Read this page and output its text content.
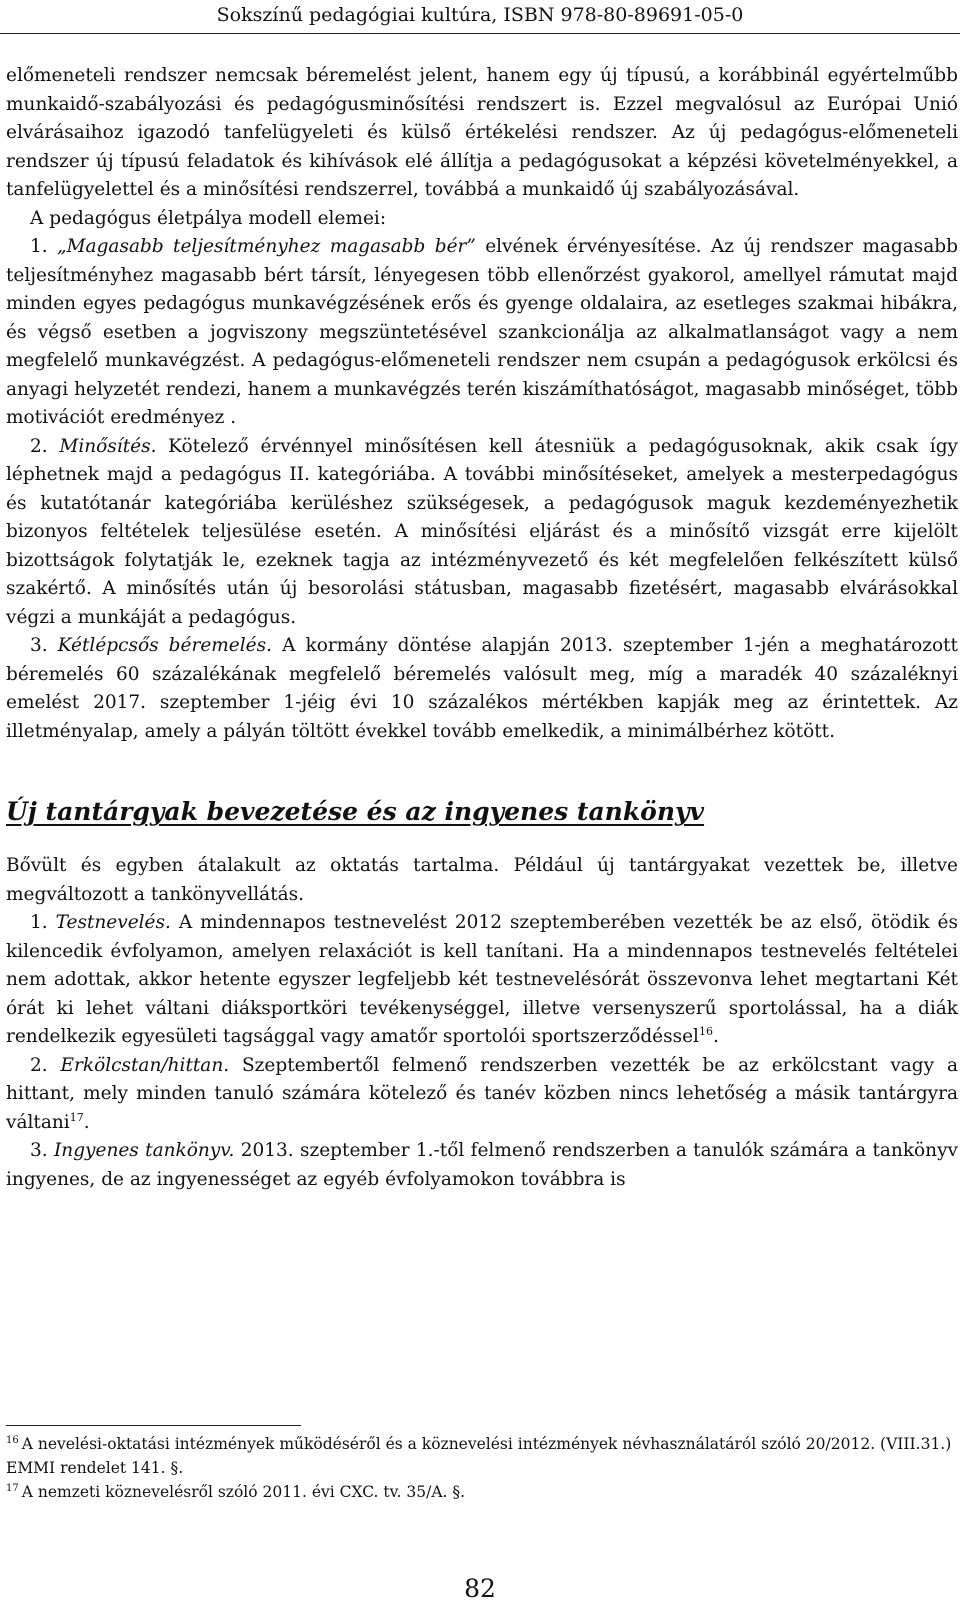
Sokszínű pedagógiai kultúra, ISBN 978-80-89691-05-0

előmeneteli rendszer nemcsak béremelést jelent, hanem egy új típusú, a korábbinál egyértelműbb munkaidő-szabályozási és pedagógusminősítési rendszert is. Ezzel megvalósul az Európai Unió elvárásaihoz igazodó tanfelügyeleti és külső értékelési rendszer. Az új pedagógus-előmeneteli rendszer új típusú feladatok és kihívások elé állítja a pedagógusokat a képzési követelményekkel, a tanfelügyelettel és a minősítési rendszerrel, továbbá a munkaidő új szabályozásával.

A pedagógus életpálya modell elemei:

1. „Magasabb teljesítményhez magasabb bér” elvének érvényesítése. Az új rendszer magasabb teljesítményhez magasabb bért társít, lényegesen több ellenőrzést gyakorol, amellyel rámutat majd minden egyes pedagógus munkavégzésének erős és gyenge oldalaira, az esetleges szakmai hibákra, és végső esetben a jogviszony megszüntetésével szankcionálja az alkalmatlanságot vagy a nem megfelelő munkavégzést. A pedagógus-előmeneteli rendszer nem csupán a pedagógusok erkölcsi és anyagi helyzetét rendezi, hanem a munkavégzés terén kiszámíthatóságot, magasabb minőséget, több motivációt eredményez .

2. Minősítés. Kötelező érvénnyel minősítésen kell átesniük a pedagógusoknak, akik csak így léphetnek majd a pedagógus II. kategóriába. A további minősítéseket, amelyek a mesterpedagógus és kutatótanár kategóriába kerüléshez szükségesek, a pedagógusok maguk kezdeményezhetik bizonyos feltételek teljesülése esetén. A minősítési eljárást és a minősítő vizsgát erre kijelölt bizottságok folytatják le, ezeknek tagja az intézményvezető és két megfelelően felkészített külső szakértő. A minősítés után új besorolási státusban, magasabb fizetésért, magasabb elvárásokkal végzi a munkáját a pedagógus.

3. Kétlépcsős béremelés. A kormány döntése alapján 2013. szeptember 1-jén a meghatározott béremelés 60 százalékának megfelelő béremelés valósult meg, míg a maradék 40 százaléknyi emelést 2017. szeptember 1-jéig évi 10 százalékos mértékben kapják meg az érintettek. Az illetményalap, amely a pályán töltött évekkel tovább emelkedik, a minimálbérhez kötött.

Új tantárgyak bevezetése és az ingyenes tankönyv

Bővült és egyben átalakult az oktatás tartalma. Például új tantárgyakat vezettek be, illetve megváltozott a tankönyvellátás.

1. Testnevelés. A mindennapos testnevelést 2012 szeptemberében vezették be az első, ötödik és kilencedik évfolyamon, amelyen relaxációt is kell tanítani. Ha a mindennapos testnevelés feltételei nem adottak, akkor hetente egyszer legfeljebb két testnevelésórát összevonva lehet megtartani Két órát ki lehet váltani diáksportköri tevékenységgel, illetve versenyszerű sportolással, ha a diák rendelkezik egyesületi tagsággal vagy amatőr sportolói sportszerződéssel$^{16}$.

2. Erkölcstan/hittan. Szeptembertől felmenő rendszerben vezették be az erkölcstant vagy a hittant, mely minden tanuló számára kötelező és tanév közben nincs lehetőség a másik tantárgyra váltani$^{17}$.

3. Ingyenes tankönyv. 2013. szeptember 1.-től felmenő rendszerben a tanulók számára a tankönyv ingyenes, de az ingyenességet az egyéb évfolyamokon továbbra is

$^{16}$ A nevelési-oktatási intézmények működéséről és a köznevelési intézmények névhasználatáról szóló 20/2012. (VIII.31.) EMMI rendelet 141. §.

$^{17}$ A nemzeti köznevelésről szóló 2011. évi CXC. tv. 35/A. §.

82
